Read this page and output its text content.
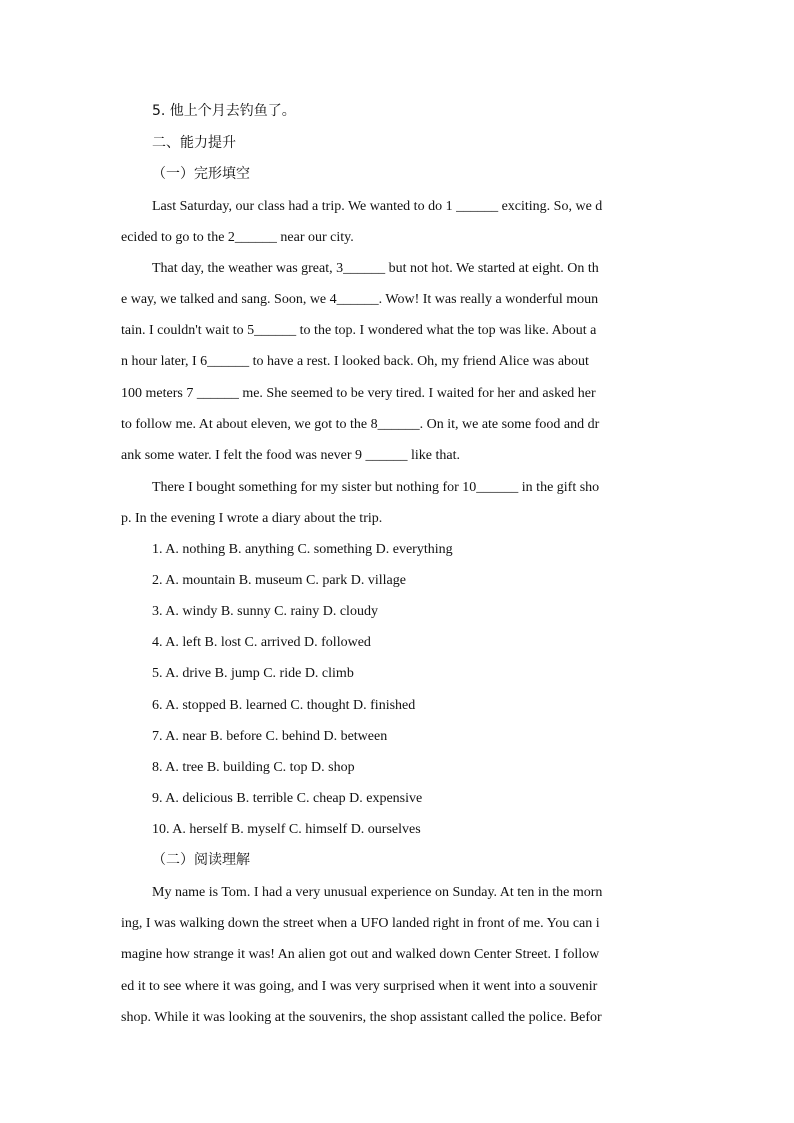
5. 他上个月去钓鱼了。
二、能力提升
（一）完形填空
Last Saturday, our class had a trip. We wanted to do 1 ______ exciting. So, we d
ecided to go to the 2______ near our city.
That day, the weather was great, 3______ but not hot. We started at eight. On th
e way, we talked and sang. Soon, we 4______. Wow! It was really a wonderful moun
tain. I couldn't wait to 5______ to the top. I wondered what the top was like. About a
n hour later, I 6______ to have a rest. I looked back. Oh, my friend Alice was about
100 meters 7 ______ me. She seemed to be very tired. I waited for her and asked her
to follow me. At about eleven, we got to the 8______. On it, we ate some food and dr
ank some water. I felt the food was never 9 ______ like that.
There I bought something for my sister but nothing for 10______ in the gift sho
p. In the evening I wrote a diary about the trip.
1. A. nothing B. anything C. something D. everything
2. A. mountain B. museum C. park D. village
3. A. windy B. sunny C. rainy D. cloudy
4. A. left B. lost C. arrived D. followed
5. A. drive B. jump C. ride D. climb
6. A. stopped B. learned C. thought D. finished
7. A. near B. before C. behind D. between
8. A. tree B. building C. top D. shop
9. A. delicious B. terrible C. cheap D. expensive
10. A. herself B. myself C. himself D. ourselves
（二）阅读理解
My name is Tom. I had a very unusual experience on Sunday. At ten in the morn
ing, I was walking down the street when a UFO landed right in front of me. You can i
magine how strange it was! An alien got out and walked down Center Street. I follow
ed it to see where it was going, and I was very surprised when it went into a souvenir
shop. While it was looking at the souvenirs, the shop assistant called the police. Befor
